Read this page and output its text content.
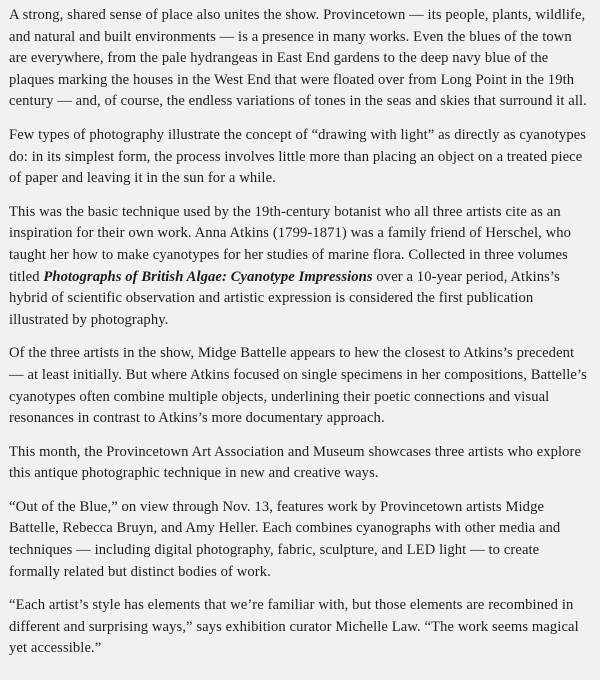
A strong, shared sense of place also unites the show. Provincetown — its people, plants, wildlife, and natural and built environments — is a presence in many works. Even the blues of the town are everywhere, from the pale hydrangeas in East End gardens to the deep navy blue of the plaques marking the houses in the West End that were floated over from Long Point in the 19th century — and, of course, the endless variations of tones in the seas and skies that surround it all.

Few types of photography illustrate the concept of “drawing with light” as directly as cyanotypes do: in its simplest form, the process involves little more than placing an object on a treated piece of paper and leaving it in the sun for a while.

This was the basic technique used by the 19th-century botanist who all three artists cite as an inspiration for their own work. Anna Atkins (1799-1871) was a family friend of Herschel, who taught her how to make cyanotypes for her studies of marine flora. Collected in three volumes titled Photographs of British Algae: Cyanotype Impressions over a 10-year period, Atkins’s hybrid of scientific observation and artistic expression is considered the first publication illustrated by photography.

Of the three artists in the show, Midge Battelle appears to hew the closest to Atkins’s precedent — at least initially. But where Atkins focused on single specimens in her compositions, Battelle’s cyanotypes often combine multiple objects, underlining their poetic connections and visual resonances in contrast to Atkins’s more documentary approach.

This month, the Provincetown Art Association and Museum showcases three artists who explore this antique photographic technique in new and creative ways.

“Out of the Blue,” on view through Nov. 13, features work by Provincetown artists Midge Battelle, Rebecca Bruyn, and Amy Heller. Each combines cyanographs with other media and techniques — including digital photography, fabric, sculpture, and LED light — to create formally related but distinct bodies of work.

“Each artist’s style has elements that we’re familiar with, but those elements are recombined in different and surprising ways,” says exhibition curator Michelle Law. “The work seems magical yet accessible.”
